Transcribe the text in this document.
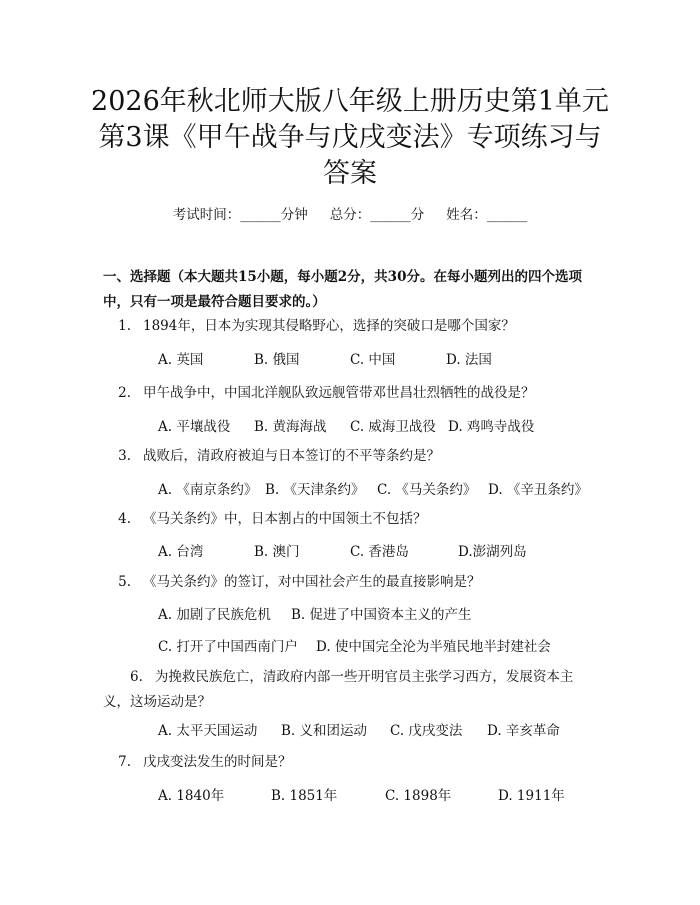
2026年秋北师大版八年级上册历史第1单元
第3课《甲午战争与戊戌变法》专项练习与
答案
考试时间：______分钟 总分：______分 姓名：______

一、选择题（本大题共15小题，每小题2分，共30分。在每小题列出的四个选项中，只有一项是最符合题目要求的。）

1. 1894年，日本为实现其侵略野心，选择的突破口是哪个国家？
A. 英国	B. 俄国	C. 中国	D. 法国
2. 甲午战争中，中国北洋舰队致远舰管带邓世昌壮烈牺牲的战役是？
A. 平壤战役 B. 黄海海战 C. 威海卫战役 D. 鸡鸣寺战役
3. 战败后，清政府被迫与日本签订的不平等条约是？
A. 《南京条约》 B. 《天津条约》 C. 《马关条约》 D. 《辛丑条约》
4. 《马关条约》中，日本割占的中国领土不包括？
A. 台湾	B. 澳门	C. 香港岛	D.澎湖列岛
5. 《马关条约》的签订，对中国社会产生的最直接影响是？
A. 加剧了民族危机 B. 促进了中国资本主义的产生
C. 打开了中国西南门户 D. 使中国完全沦为半殖民地半封建社会
6. 为挽救民族危亡，清政府内部一些开明官员主张学习西方，发展资本主义，这场运动是？
A. 太平天国运动 B. 义和团运动 C. 戊戌变法 D. 辛亥革命
7. 戊戌变法发生的时间是？
A. 1840年	B. 1851年	C. 1898年	D. 1911年
